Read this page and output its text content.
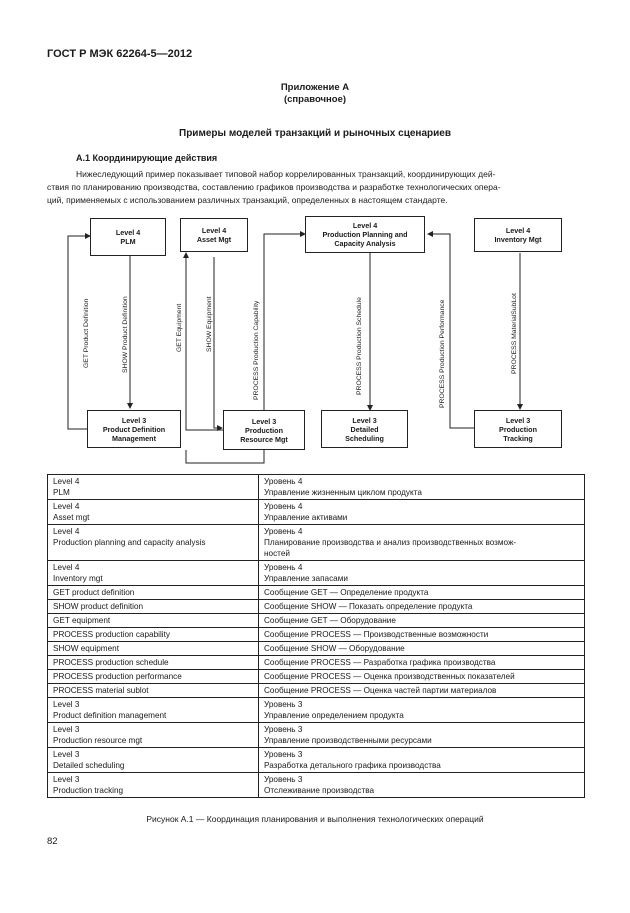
ГОСТ Р МЭК 62264-5—2012
Приложение А
(справочное)
Примеры моделей транзакций и рыночных сценариев
А.1 Координирующие действия
Нижеследующий пример показывает типовой набор коррелированных транзакций, координирующих дей-
ствия по планированию производства, составлению графиков производства и разработке технологических опера-
ций, применяемых с использованием различных транзакций, определенных в настоящем стандарте.
GET Product Definition	SHOW Product Definition	GET Equipment	SHOW Equipment	PROCESS Production Capability	PROCESS Production Schedule	PROCESS Production Performance	PROCESS MaterialSubLot
Level 4
PLM
Level 4
Asset Mgt
Level 4
Production Planning and
Capacity Analysis
Level 4
Inventory Mgt
Level 3
Product Definition
Management
Level 3
Production
Resource Mgt
Level 3
Detailed
Scheduling
Level 3
Production
Tracking
Level 4
PLM	Уровень 4
Управление жизненным циклом продукта

Level 4
Asset mgt	Уровень 4
Управление активами

Level 4
Production planning and capacity analysis	Уровень 4
Планирование производства и анализ производственных возмож-
ностей

Level 4
Inventory mgt	Уровень 4
Управление запасами

GET product definition	Сообщение GET — Определение продукта

SHOW product definition	Сообщение SHOW — Показать определение продукта

GET equipment	Сообщение GET — Оборудование

PROCESS production capability	Сообщение PROCESS — Производственные возможности

SHOW equipment	Сообщение SHOW — Оборудование

PROCESS production schedule	Сообщение PROCESS — Разработка графика производства

PROCESS production performance	Сообщение PROCESS — Оценка производственных показателей

PROCESS material sublot	Сообщение PROCESS — Оценка частей партии материалов

Level 3
Product definition management	Уровень 3
Управление определением продукта

Level 3
Production resource mgt	Уровень 3
Управление производственными ресурсами

Level 3
Detailed scheduling	Уровень 3
Разработка детального графика производства

Level 3
Production tracking	Уровень 3
Отслеживание производства
Рисунок А.1 — Координация планирования и выполнения технологических операций
82
